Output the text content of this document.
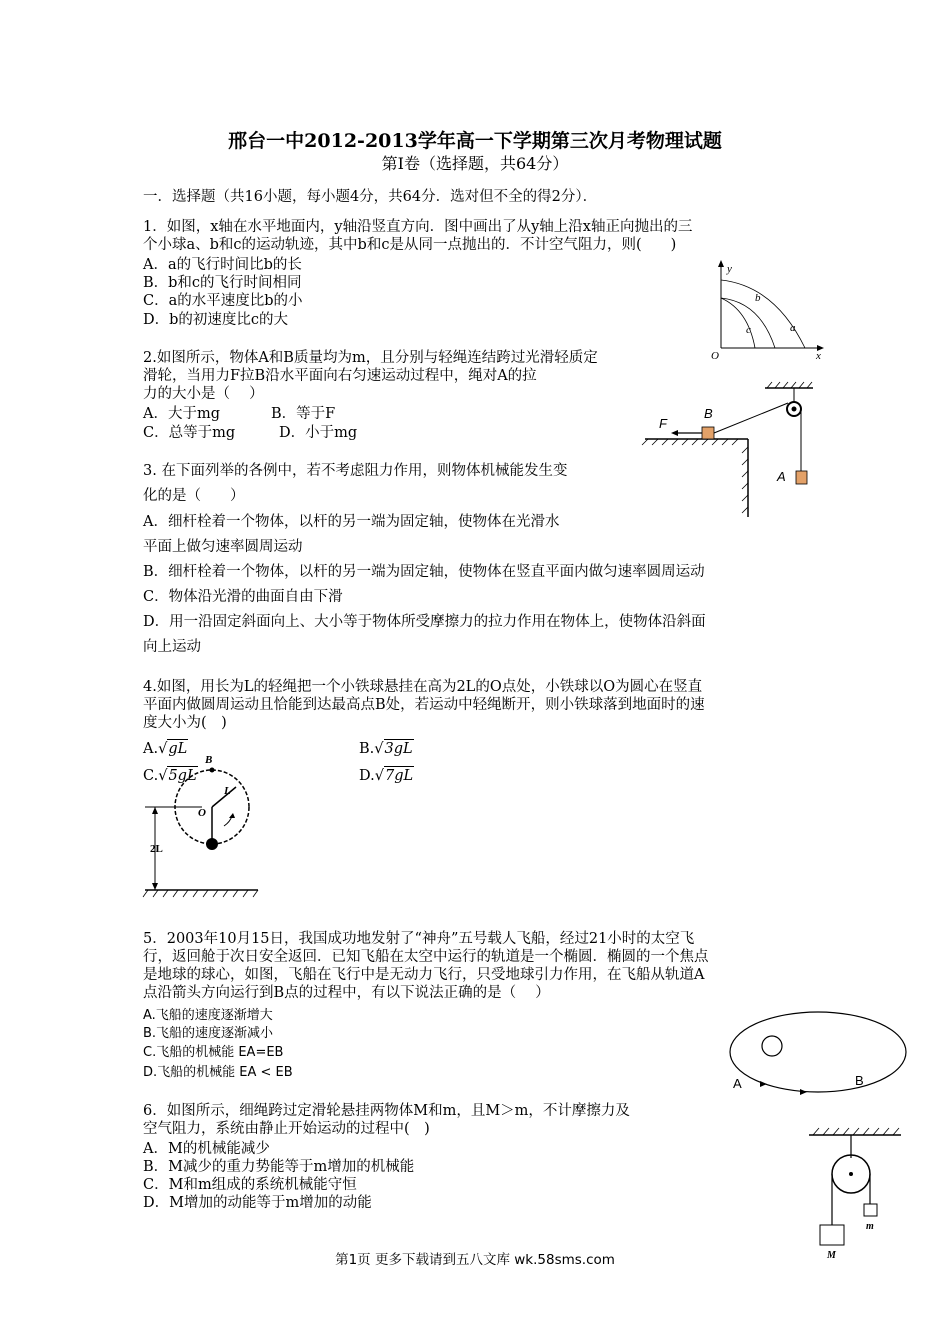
邢台一中2012-2013学年高一下学期第三次月考物理试题
第Ⅰ卷（选择题，共64分）
一．选择题（共16小题，每小题4分，共64分．选对但不全的得2分）．
1．如图，x轴在水平地面内，y轴沿竖直方向．图中画出了从y轴上沿x轴正向抛出的三
个小球a、b和c的运动轨迹，其中b和c是从同一点抛出的．不计空气阻力，则(　　)
A．a的飞行时间比b的长
B．b和c的飞行时间相同
C．a的水平速度比b的小
D．b的初速度比c的大
y
x
O
a
b
c
2.如图所示，物体A和B质量均为m，且分别与轻绳连结跨过光滑轻质定
滑轮，当用力F拉B沿水平面向右匀速运动过程中，绳对A的拉
力的大小是（　 ）
A．大于mg	B．等于F
C．总等于mg	D．小于mg
F
B
A
3. 在下面列举的各例中，若不考虑阻力作用，则物体机械能发生变
化的是（　　）
A．细杆栓着一个物体，以杆的另一端为固定轴，使物体在光滑水
平面上做匀速率圆周运动
B．细杆栓着一个物体，以杆的另一端为固定轴，使物体在竖直平面内做匀速率圆周运动
C．物体沿光滑的曲面自由下滑
D．用一沿固定斜面向上、大小等于物体所受摩擦力的拉力作用在物体上，使物体沿斜面
向上运动
4.如图，用长为L的轻绳把一个小铁球悬挂在高为2L的O点处，小铁球以O为圆心在竖直
平面内做圆周运动且恰能到达最高点B处，若运动中轻绳断开，则小铁球落到地面时的速
度大小为(　)
A.√gL	B.√3gL
C.√5gL	D.√7gL
B
L
O
2L
5．2003年10月15日，我国成功地发射了“神舟”五号载人飞船，经过21小时的太空飞
行，返回舱于次日安全返回．已知飞船在太空中运行的轨道是一个椭圆．椭圆的一个焦点
是地球的球心，如图，飞船在飞行中是无动力飞行，只受地球引力作用，在飞船从轨道A
点沿箭头方向运行到B点的过程中，有以下说法正确的是（　 ）
A.飞船的速度逐渐增大
B.飞船的速度逐渐减小
C.飞船的机械能 EA=EB
D.飞船的机械能 EA < EB
A	B
6．如图所示，细绳跨过定滑轮悬挂两物体M和m，且M＞m，不计摩擦力及
空气阻力，系统由静止开始运动的过程中(　)
A．M的机械能减少
B．M减少的重力势能等于m增加的机械能
C．M和m组成的系统机械能守恒
D．M增加的动能等于m增加的动能
m
M
第1页 更多下载请到五八文库 wk.58sms.com
